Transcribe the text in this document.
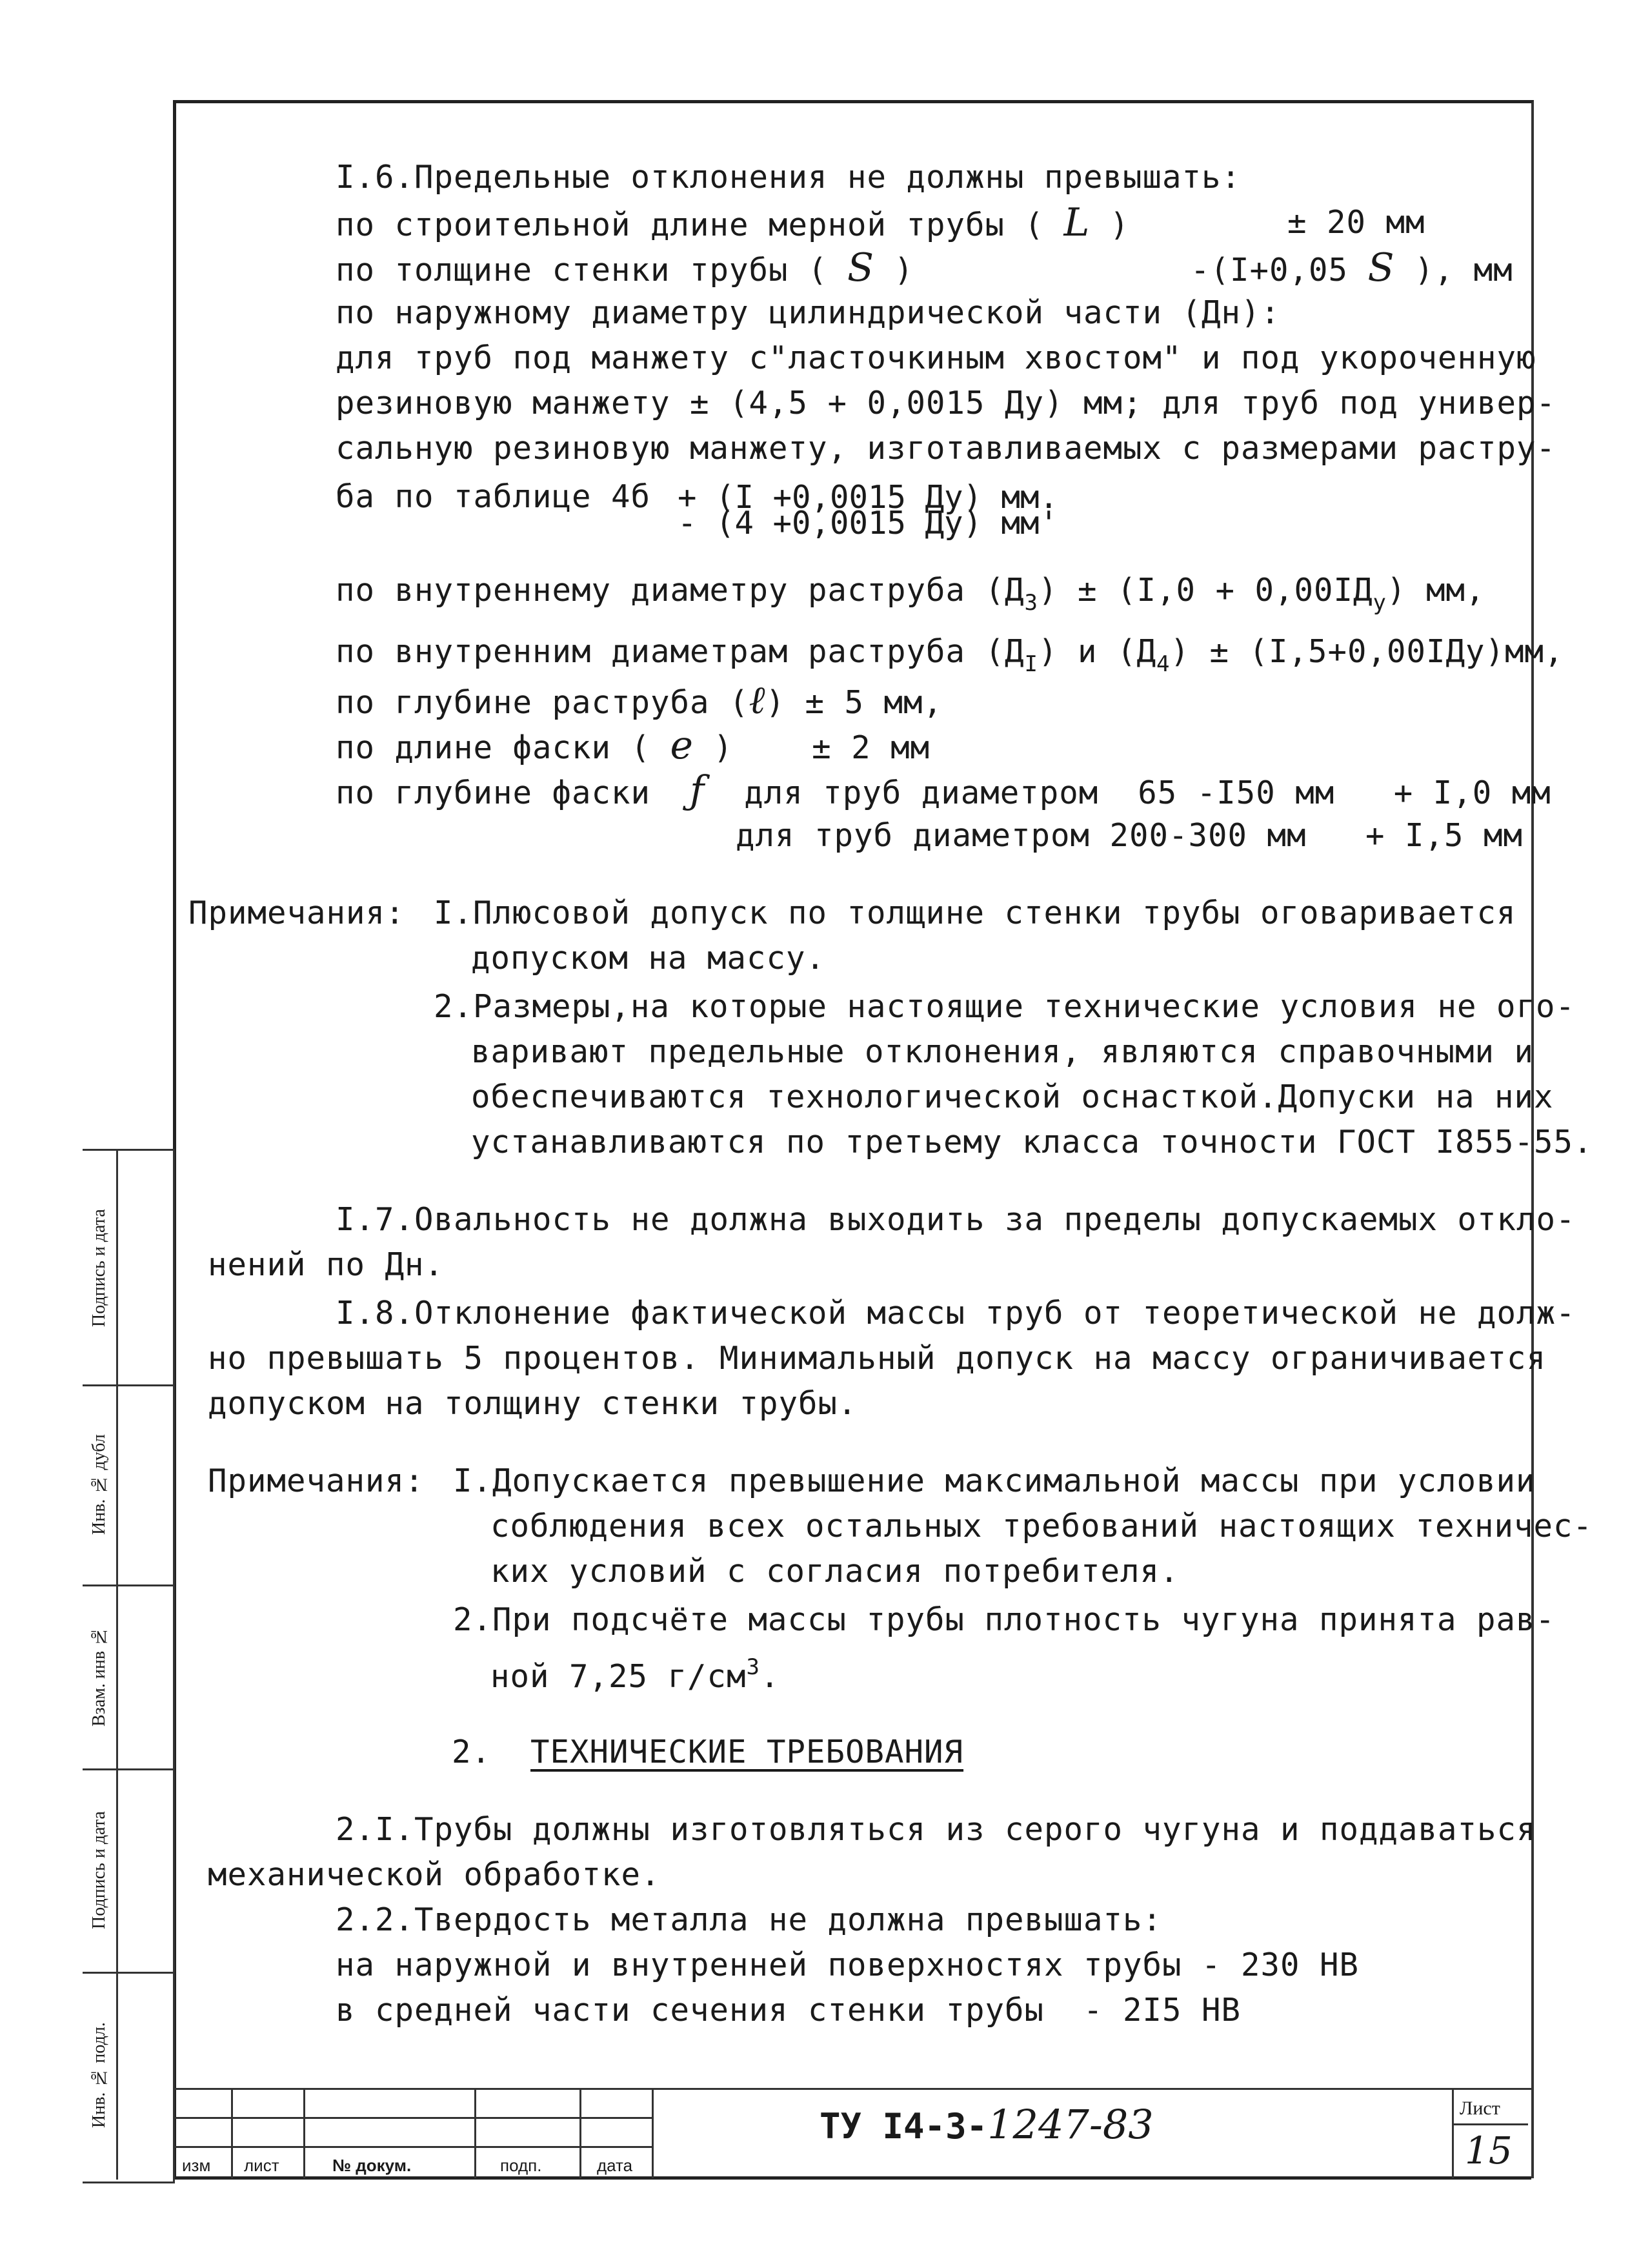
I.6.Предельные отклонения не должны превышать:
по строительной длине мерной трубы ( L )	± 20 мм
по толщине стенки трубы ( S )	-(I+0,05 S ), мм
по наружному диаметру цилиндрической части (Дн):
для труб под манжету с"ласточкиным хвостом" и под укороченную
резиновую манжету ± (4,5 + 0,0015 Ду) мм; для труб под универ-
сальную резиновую манжету, изготавливаемых с размерами растру-
ба по таблице 4б + (I +0,0015 Ду) мм.
- (4 +0,0015 Ду) мм'
по внутреннему диаметру раструба $(Д_3) \pm (I,0 + 0,00IД_у)$ мм,
по внутренним диаметрам раструба $(Д_I)$ и $(Д_4) \pm (I,5+0,00IДу)мм$,
по глубине раструба (ℓ) ± 5 мм,
по длине фаски ( е )    ± 2 мм
по глубине фаски ƒ для труб диаметром  65 -I50 мм   + I,0 мм
для труб диаметром 200-300 мм   + I,5 мм
Примечания: I.Плюсовой допуск по толщине стенки трубы оговаривается
допуском на массу.
2.Размеры,на которые настоящие технические условия не ого-
варивают предельные отклонения, являются справочными и
обеспечиваются технологической оснасткой.Допуски на них
устанавливаются по третьему класса точности ГОСТ I855-55.
I.7.Овальность не должна выходить за пределы допускаемых откло-
нений по Дн.
I.8.Отклонение фактической массы труб от теоретической не долж-
но превышать 5 процентов. Минимальный допуск на массу ограничивается
допуском на толщину стенки трубы.
Примечания: I.Допускается превышение максимальной массы при условии
соблюдения всех остальных требований настоящих техничес-
ких условий с согласия потребителя.
2.При подсчёте массы трубы плотность чугуна принята рав-
ной 7,25 $г/см^3$.
2. ТЕХНИЧЕСКИЕ ТРЕБОВАНИЯ
2.I.Трубы должны изготовляться из серого чугуна и поддаваться
механической обработке.
2.2.Твердость металла не должна превышать:
на наружной и внутренней поверхностях трубы - 230 НВ
в средней части сечения стенки трубы  - 2I5 НВ
Подпись и дата
Инв. № дубл
Взам. инв №
Подпись и дата
Инв. № подл.
изм лист	№ докум.	подп.	дата
ТУ I4-3-1247-83	Лист
15
